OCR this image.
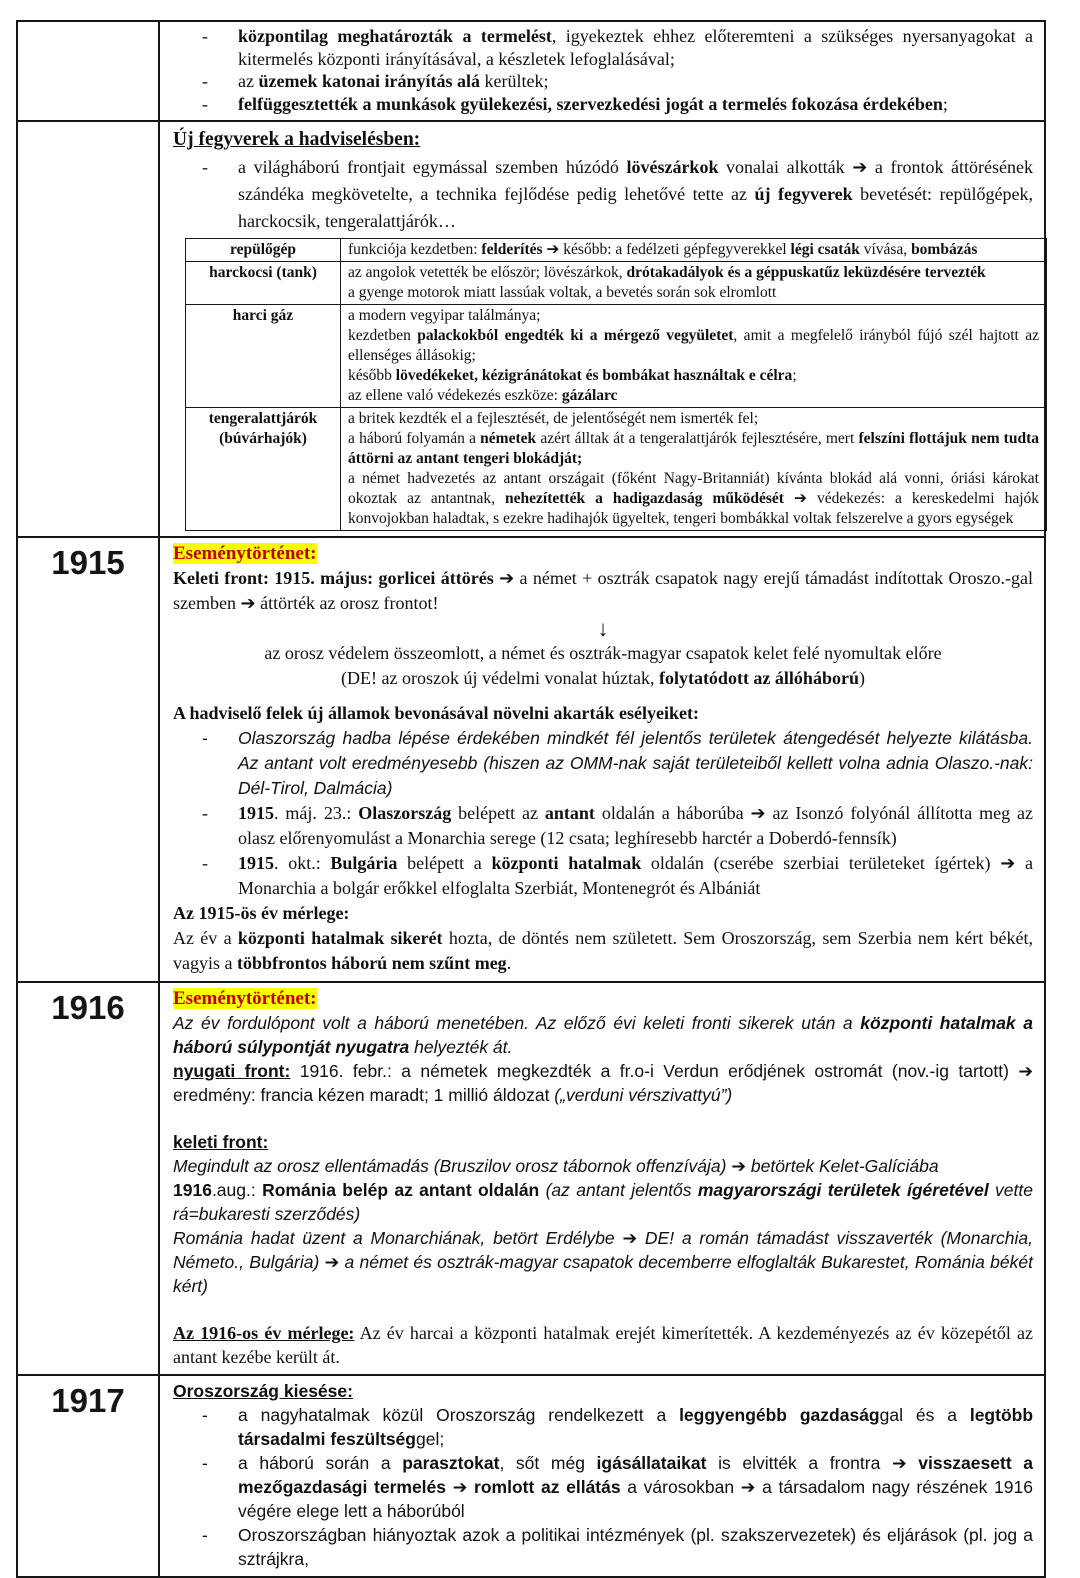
-	központilag meghatározták a termelést, igyekeztek ehhez előteremteni a szükséges nyersanyagokat a kitermelés központi irányításával, a készletek lefoglalásával;
-	az üzemek katonai irányítás alá kerültek;
-	felfüggesztették a munkások gyülekezési, szervezkedési jogát a termelés fokozása érdekében;
Új fegyverek a hadviselésben:
-	a világháború frontjait egymással szemben húzódó lövészárkok vonalai alkották ➔ a frontok áttörésének szándéka megkövetelte, a technika fejlődése pedig lehetővé tette az új fegyverek bevetését: repülőgépek, harckocsik, tengeralattjárók…
repülőgép	funkciója kezdetben: felderítés ➔ később: a fedélzeti gépfegyverekkel légi csaták vívása, bombázás

harckocsi (tank)	az angolok vetették be először; lövészárkok, drótakadályok és a géppuskatűz leküzdésére tervezték
a gyenge motorok miatt lassúak voltak, a bevetés során sok elromlott

harci gáz	a modern vegyipar találmánya;
kezdetben palackokból engedték ki a mérgező vegyületet, amit a megfelelő irányból fújó szél hajtott az ellenséges állásokig;
később lövedékeket, kézigránátokat és bombákat használtak e célra;
az ellene való védekezés eszköze: gázálarc

tengeralattjárók (búvárhajók)	a britek kezdték el a fejlesztését, de jelentőségét nem ismerték fel;
a háború folyamán a németek azért álltak át a tengeralattjárók fejlesztésére, mert felszíni flottájuk nem tudta áttörni az antant tengeri blokádját;
a német hadvezetés az antant országait (főként Nagy-Britanniát) kívánta blokád alá vonni, óriási károkat okoztak az antantnak, nehezítették a hadigazdaság működését ➔ védekezés: a kereskedelmi hajók konvojokban haladtak, s ezekre hadihajók ügyeltek, tengeri bombákkal voltak felszerelve a gyors egységek
1915	Eseménytörténet:
Keleti front: 1915. május: gorlicei áttörés ➔ a német + osztrák csapatok nagy erejű támadást indítottak Oroszo.-gal szemben ➔ áttörték az orosz frontot!
↓
az orosz védelem összeomlott, a német és osztrák-magyar csapatok kelet felé nyomultak előre
(DE! az oroszok új védelmi vonalat húztak, folytatódott az állóháború)
A hadviselő felek új államok bevonásával növelni akarták esélyeiket:
-	Olaszország hadba lépése érdekében mindkét fél jelentős területek átengedését helyezte kilátásba. Az antant volt eredményesebb (hiszen az OMM-nak saját területeiből kellett volna adnia Olaszo.-nak: Dél-Tirol, Dalmácia)
-	1915. máj. 23.: Olaszország belépett az antant oldalán a háborúba ➔ az Isonzó folyónál állította meg az olasz előrenyomulást a Monarchia serege (12 csata; leghíresebb harctér a Doberdó-fennsík)
-	1915. okt.: Bulgária belépett a központi hatalmak oldalán (cserébe szerbiai területeket ígértek) ➔ a Monarchia a bolgár erőkkel elfoglalta Szerbiát, Montenegrót és Albániát
Az 1915-ös év mérlege:
Az év a központi hatalmak sikerét hozta, de döntés nem született. Sem Oroszország, sem Szerbia nem kért békét, vagyis a többfrontos háború nem szűnt meg.
1916	Eseménytörténet:
Az év fordulópont volt a háború menetében. Az előző évi keleti fronti sikerek után a központi hatalmak a háború súlypontját nyugatra helyezték át.
nyugati front: 1916. febr.: a németek megkezdték a fr.o-i Verdun erődjének ostromát (nov.-ig tartott) ➔ eredmény: francia kézen maradt; 1 millió áldozat („verduni vérszivattyú”)
keleti front:
Megindult az orosz ellentámadás (Bruszilov orosz tábornok offenzívája) ➔ betörtek Kelet-Galíciába
1916.aug.: Románia belép az antant oldalán (az antant jelentős magyarországi területek ígéretével vette rá=bukaresti szerződés)
Románia hadat üzent a Monarchiának, betört Erdélybe ➔ DE! a román támadást visszaverték (Monarchia, Németo., Bulgária) ➔ a német és osztrák-magyar csapatok decemberre elfoglalták Bukarestet, Románia békét kért)
Az 1916-os év mérlege: Az év harcai a központi hatalmak erejét kimerítették. A kezdeményezés az év közepétől az antant kezébe került át.
1917	Oroszország kiesése:
-	a nagyhatalmak közül Oroszország rendelkezett a leggyengébb gazdasággal és a legtöbb társadalmi feszültséggel;
-	a háború során a parasztokat, sőt még igásállataikat is elvitték a frontra ➔ visszaesett a mezőgazdasági termelés ➔ romlott az ellátás a városokban ➔ a társadalom nagy részének 1916 végére elege lett a háborúból
-	Oroszországban hiányoztak azok a politikai intézmények (pl. szakszervezetek) és eljárások (pl. jog a sztrájkra,
